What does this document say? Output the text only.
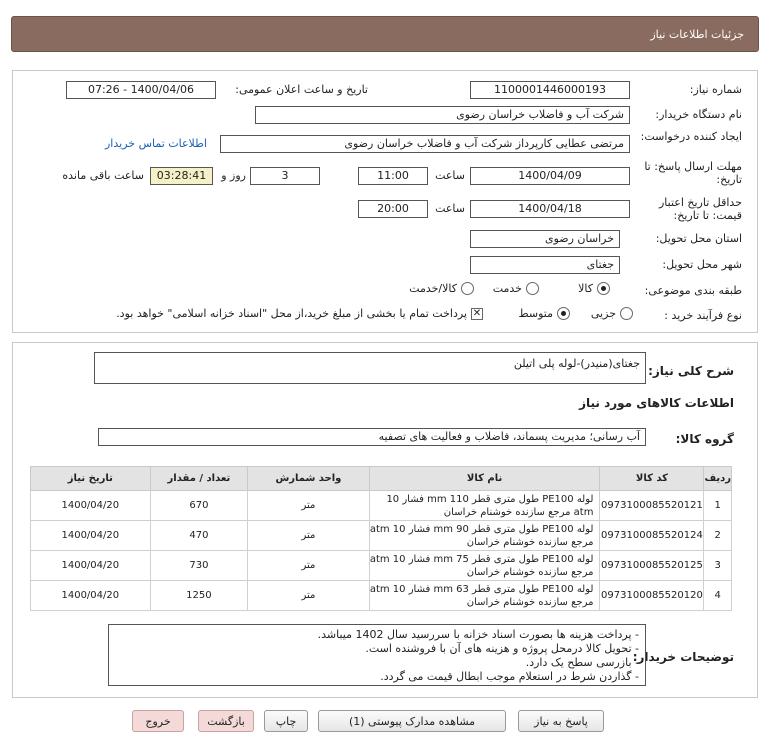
جزئیات اطلاعات نیاز
شماره نیاز:
1100001446000193
تاریخ و ساعت اعلان عمومی:
1400/04/06 - 07:26
نام دستگاه خریدار:
شرکت آب و فاضلاب خراسان رضوی
ایجاد کننده درخواست:
مرتضی عطایی کارپرداز شرکت آب و فاضلاب خراسان رضوی
اطلاعات تماس خریدار
مهلت ارسال پاسخ: تا تاریخ:
1400/04/09
ساعت
11:00
3
روز و
03:28:41
ساعت باقی مانده
حداقل تاریخ اعتبار قیمت: تا تاریخ:
1400/04/18
ساعت
20:00
استان محل تحویل:
خراسان رضوی
شهر محل تحویل:
جغتای
طبقه بندی موضوعی:
کالا
خدمت
کالا/خدمت
نوع فرآیند خرید :
جزیی
متوسط
✕
پرداخت تمام یا بخشی از مبلغ خرید،از محل "اسناد خزانه اسلامی" خواهد بود.
شرح کلی نیاز:
جغتای(منیدر)-لوله پلی اتیلن
اطلاعات کالاهای مورد نیاز
گروه کالا:
آب رسانی؛ مدیریت پسماند، فاضلاب و فعالیت های تصفیه
ردیف	کد کالا	نام کالا	واحد شمارش	تعداد / مقدار	تاریخ نیاز
1	0973100085520121	لوله PE100 طول متری قطر 110 mm فشار 10 atm مرجع سازنده خوشنام خراسان	متر	670	1400/04/20
2	0973100085520124	لوله PE100 طول متری قطر 90 mm فشار 10 atm مرجع سازنده خوشنام خراسان	متر	470	1400/04/20
3	0973100085520125	لوله PE100 طول متری قطر 75 mm فشار 10 atm مرجع سازنده خوشنام خراسان	متر	730	1400/04/20
4	0973100085520120	لوله PE100 طول متری قطر 63 mm فشار 10 atm مرجع سازنده خوشنام خراسان	متر	1250	1400/04/20
توضیحات خریدار:
- پرداخت هزینه ها بصورت اسناد خزانه با سررسید سال 1402 میباشد.
- تحویل کالا درمحل پروژه و هزینه های آن با فروشنده است.
- بازرسی سطح یک دارد.
- گذاردن شرط در استعلام موجب ابطال قیمت می گردد.
پاسخ به نیاز
مشاهده مدارک پیوستی (1)
چاپ
بازگشت
خروج
